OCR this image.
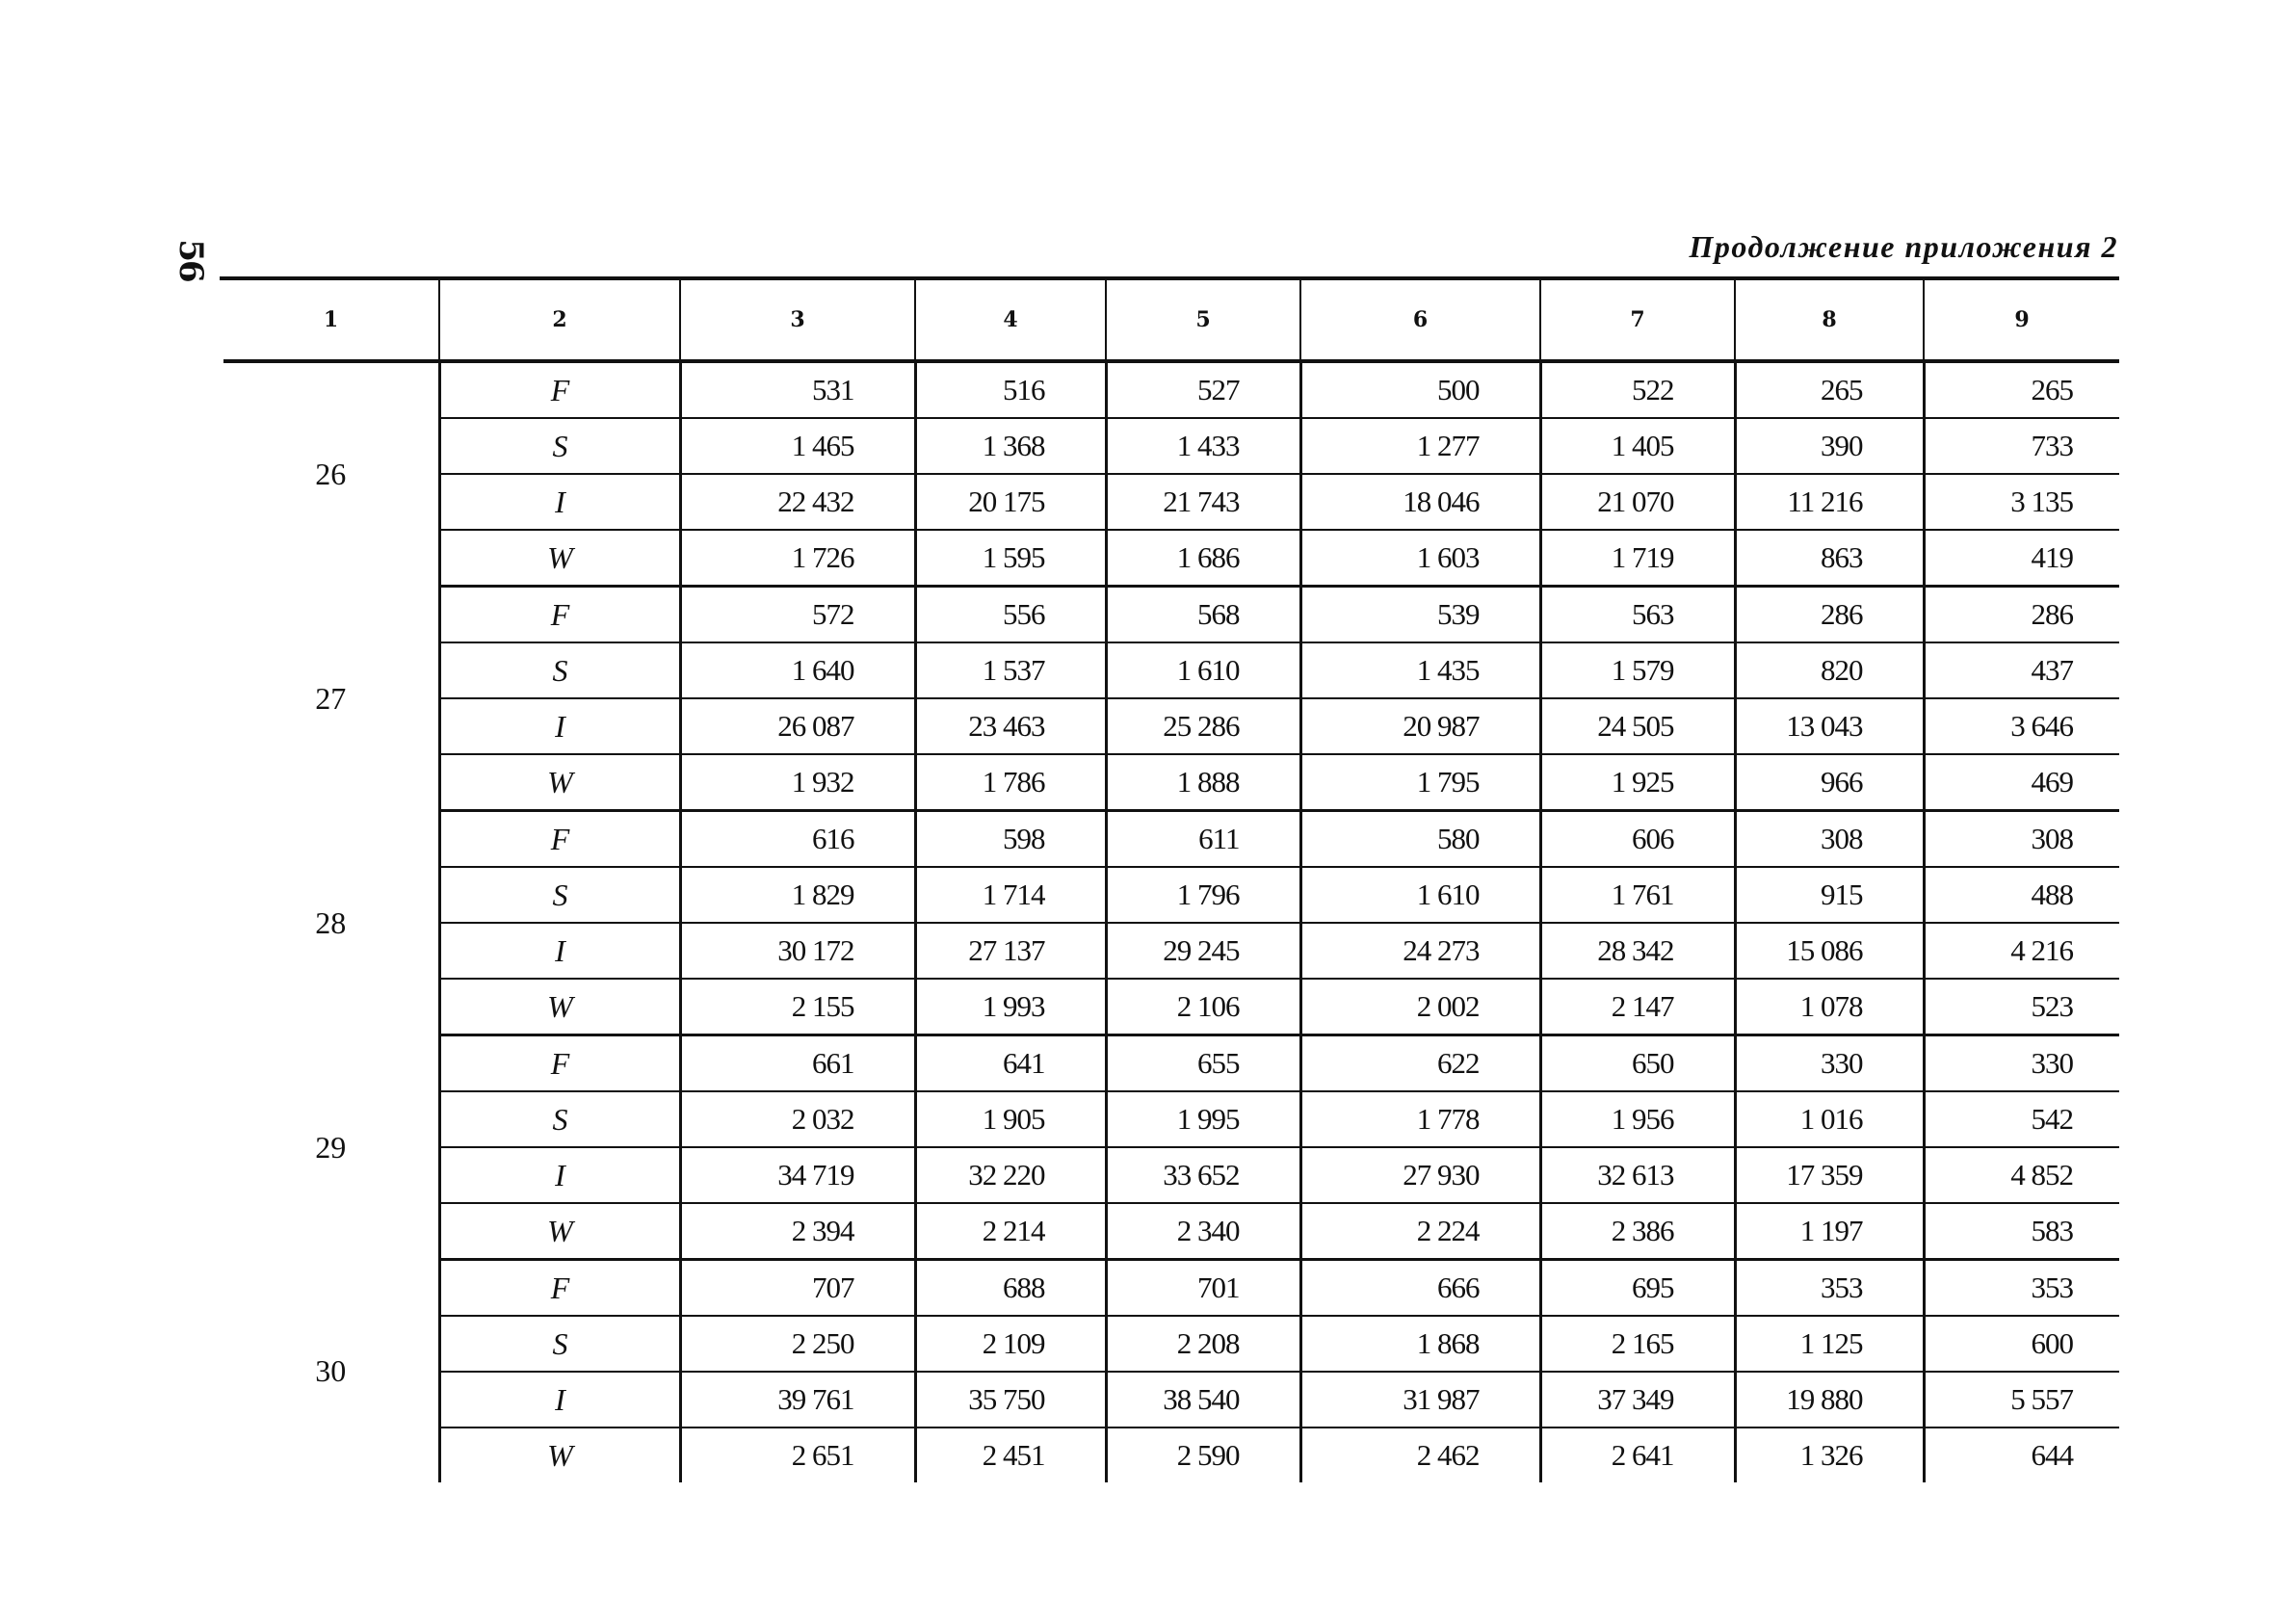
56	Продолжение приложения 2
1	2	3	4	5	6	7	8	9
26	F	531	516	527	500	522	265	265
	S	1 465	1 368	1 433	1 277	1 405	390	733
	I	22 432	20 175	21 743	18 046	21 070	11 216	3 135
	W	1 726	1 595	1 686	1 603	1 719	863	419
27	F	572	556	568	539	563	286	286
	S	1 640	1 537	1 610	1 435	1 579	820	437
	I	26 087	23 463	25 286	20 987	24 505	13 043	3 646
	W	1 932	1 786	1 888	1 795	1 925	966	469
28	F	616	598	611	580	606	308	308
	S	1 829	1 714	1 796	1 610	1 761	915	488
	I	30 172	27 137	29 245	24 273	28 342	15 086	4 216
	W	2 155	1 993	2 106	2 002	2 147	1 078	523
29	F	661	641	655	622	650	330	330
	S	2 032	1 905	1 995	1 778	1 956	1 016	542
	I	34 719	32 220	33 652	27 930	32 613	17 359	4 852
	W	2 394	2 214	2 340	2 224	2 386	1 197	583
30	F	707	688	701	666	695	353	353
	S	2 250	2 109	2 208	1 868	2 165	1 125	600
	I	39 761	35 750	38 540	31 987	37 349	19 880	5 557
	W	2 651	2 451	2 590	2 462	2 641	1 326	644
